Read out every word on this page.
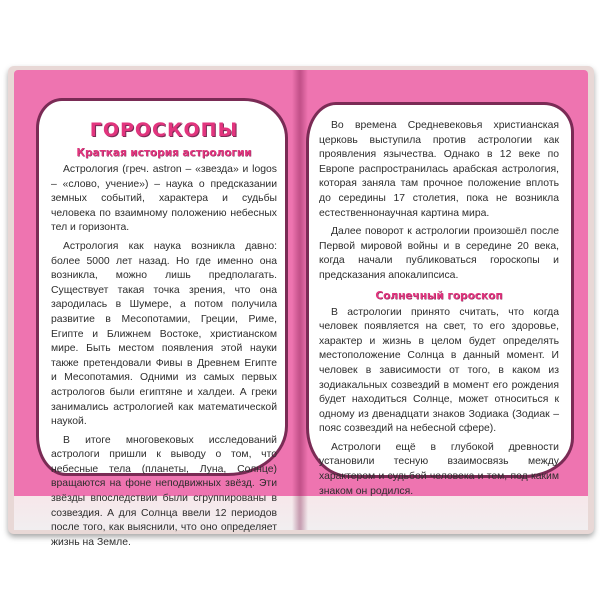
ГОРОСКОПЫ
Краткая история астрологии

Астрология (греч. astron – «звезда» и logos – «слово, учение») – наука о предсказании земных событий, характера и судьбы человека по взаимному положению небесных тел и горизонта.

Астрология как наука возникла давно: более 5000 лет назад. Но где именно она возникла, можно лишь предполагать. Существует такая точка зрения, что она зародилась в Шумере, а потом получила развитие в Месопотамии, Греции, Риме, Египте и Ближнем Востоке, христианском мире. Быть местом появления этой науки также претендовали Фивы в Древнем Египте и Месопотамия. Одними из самых первых астрологов были египтяне и халдеи. А греки занимались астрологией как математической наукой.

В итоге многовековых исследований астрологи пришли к выводу о том, что небесные тела (планеты, Луна, Солнце) вращаются на фоне неподвижных звёзд. Эти звёзды впоследствии были сгруппированы в созвездия. А для Солнца ввели 12 периодов после того, как выяснили, что оно определяет жизнь на Земле.

Во времена Средневековья христианская церковь выступила против астрологии как проявления язычества. Однако в 12 веке по Европе распространилась арабская астрология, которая заняла там прочное положение вплоть до середины 17 столетия, пока не возникла естественнонаучная картина мира.

Далее поворот к астрологии произошёл после Первой мировой войны и в середине 20 века, когда начали публиковаться гороскопы и предсказания апокалипсиса.

Солнечный гороскоп

В астрологии принято считать, что когда человек появляется на свет, то его здоровье, характер и жизнь в целом будет определять местоположение Солнца в данный момент. И человек в зависимости от того, в каком из зодиакальных созвездий в момент его рождения будет находиться Солнце, может относиться к одному из двенадцати знаков Зодиака (Зодиак – пояс созвездий на небесной сфере).

Астрологи ещё в глубокой древности установили тесную взаимосвязь между характером и судьбой человека и тем, под каким знаком он родился.
